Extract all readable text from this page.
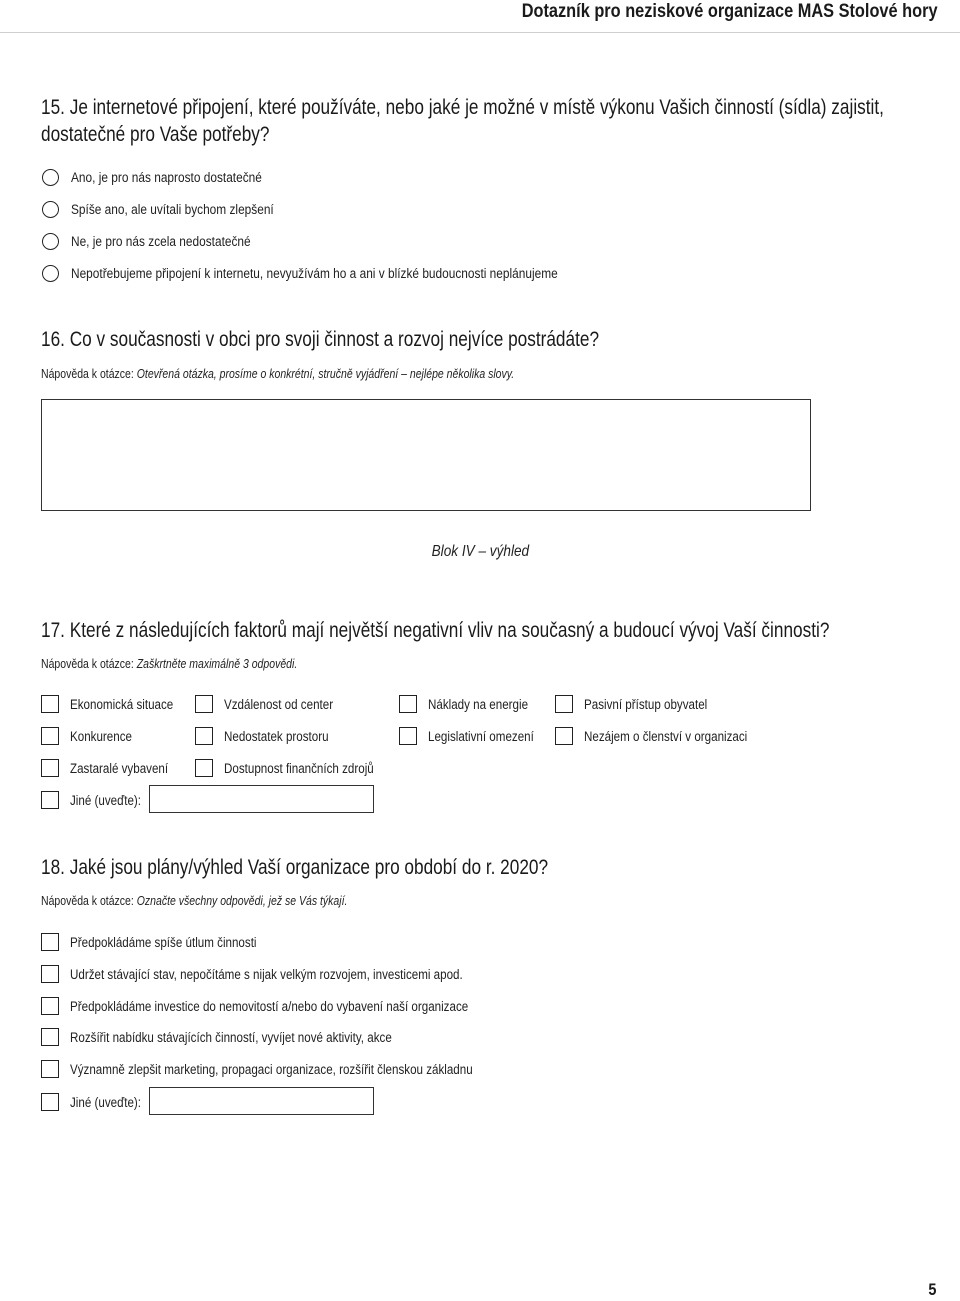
Dotazník pro neziskové organizace MAS Stolové hory
15. Je internetové připojení, které používáte, nebo jaké je možné v místě výkonu Vašich činností (sídla) zajistit, dostatečné pro Vaše potřeby?
Ano, je pro nás naprosto dostatečné
Spíše ano, ale uvítali bychom zlepšení
Ne, je pro nás zcela nedostatečné
Nepotřebujeme připojení k internetu, nevyužívám ho a ani v blízké budoucnosti neplánujeme
16. Co v současnosti v obci pro svoji činnost a rozvoj nejvíce postrádáte?
Nápověda k otázce: Otevřená otázka, prosíme o konkrétní, stručně vyjádření – nejlépe několika slovy.
Blok IV – výhled
17. Které z následujících faktorů mají největší negativní vliv na současný a budoucí vývoj Vaší činnosti?
Nápověda k otázce: Zaškrtněte maximálně 3 odpovědi.
Ekonomická situace	Vzdálenost od center	Náklady na energie	Pasivní přístup obyvatel
Konkurence	Nedostatek prostoru	Legislativní omezení	Nezájem o členství v organizaci
Zastaralé vybavení	Dostupnost finančních zdrojů
Jiné (uveďte):
18. Jaké jsou plány/výhled Vaší organizace pro období do r. 2020?
Nápověda k otázce: Označte všechny odpovědi, jež se Vás týkají.
Předpokládáme spíše útlum činnosti
Udržet stávající stav, nepočítáme s nijak velkým rozvojem, investicemi apod.
Předpokládáme investice do nemovitostí a/nebo do vybavení naší organizace
Rozšířit nabídku stávajících činností, vyvíjet nové aktivity, akce
Významně zlepšit marketing, propagaci organizace, rozšířit členskou základnu
Jiné (uveďte):
5
